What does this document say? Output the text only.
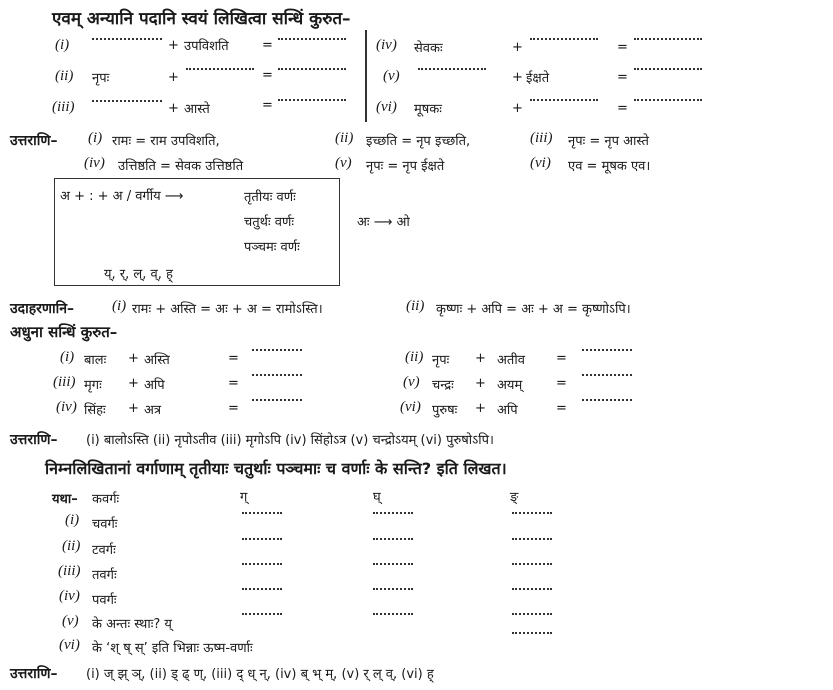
एवम् अन्यानि पदानि स्वयं लिखित्वा सन्धिं कुरुत–
(i)	+ उपविशति	=
(ii) नृपः	+	=
(iii)	+ आस्ते	=
(iv) सेवकः	+	=
(v)	+ ईक्षते	=
(vi) मूषकः	+	=
उत्तराणि– (i) रामः = राम उपविशति,	(ii) इच्छति = नृप इच्छति,	(iii) नृपः = नृप आस्ते
(iv) उत्तिष्ठति = सेवक उत्तिष्ठति	(v) नृपः = नृप ईक्षते	(vi) एव = मूषक एव।
अ + : + अ / वर्गीय ⟶	तृतीयः वर्णः
चतुर्थः वर्णः
पञ्चमः वर्णः
य्, र्, ल्, व्, ह्
अः ⟶ ओ
उदाहरणानि–	(i) रामः + अस्ति = अः + अ = रामोऽस्ति।	(ii) कृष्णः + अपि = अः + अ = कृष्णोऽपि।
अधुना सन्धिं कुरुत–
(i) बालः + अस्ति	=
(iii) मृगः + अपि	=
(iv) सिंहः + अत्र	=
(ii) नृपः + अतीव =
(v) चन्द्रः + अयम्	=
(vi) पुरुषः + अपि	=
उत्तराणि– (i) बालोऽस्ति (ii) नृपोऽतीव (iii) मृगोऽपि (iv) सिंहोऽत्र (v) चन्द्रोऽयम् (vi) पुरुषोऽपि।
निम्नलिखितानां वर्गाणाम् तृतीयाः चतुर्थाः पञ्चमाः च वर्णाः के सन्ति? इति लिखत।
यथा– कवर्गः	ग्	घ्	ङ्
(i) चवर्गः
(ii) टवर्गः
(iii) तवर्गः
(iv) पवर्गः
(v) के अन्तः स्थाः? य्
(vi) के ‘श् ष् स्’ इति भिन्नाः ऊष्म-वर्णाः
उत्तराणि– (i) ज् झ् ञ्, (ii) ड् ढ् ण्, (iii) द् ध् न्, (iv) ब् भ् म्, (v) र् ल् व्, (vi) ह्
